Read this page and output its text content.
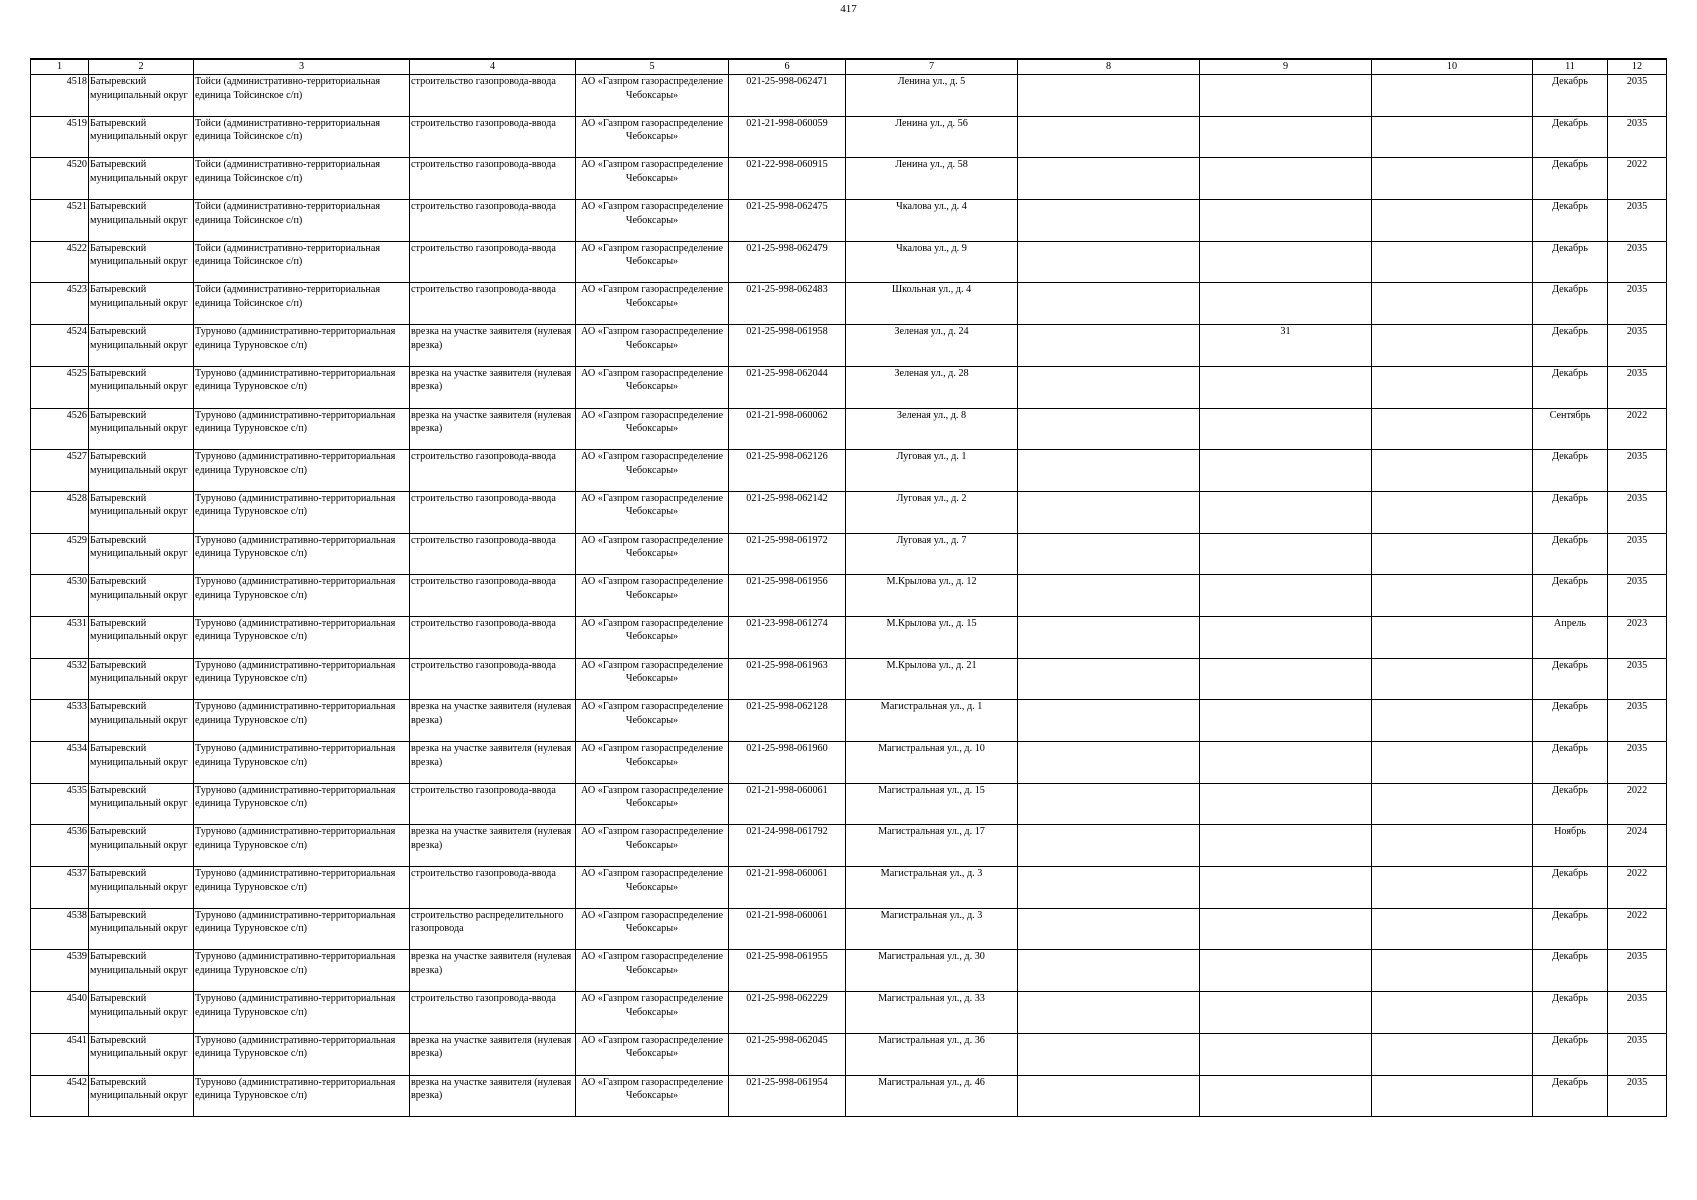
417
1	2	3	4	5	6	7	8	9	10	11	12

4518	Батыревский муниципальный округ	Тойси (административно-территориальная единица Тойсинское с/п)	строительство газопровода-ввода	АО «Газпром газораспределение Чебоксары»	021-25-998-062471	Ленина ул., д. 5				Декабрь	2035

4519	Батыревский муниципальный округ	Тойси (административно-территориальная единица Тойсинское с/п)	строительство газопровода-ввода	АО «Газпром газораспределение Чебоксары»	021-21-998-060059	Ленина ул., д. 56				Декабрь	2035

4520	Батыревский муниципальный округ	Тойси (административно-территориальная единица Тойсинское с/п)	строительство газопровода-ввода	АО «Газпром газораспределение Чебоксары»	021-22-998-060915	Ленина ул., д. 58				Декабрь	2022

4521	Батыревский муниципальный округ	Тойси (административно-территориальная единица Тойсинское с/п)	строительство газопровода-ввода	АО «Газпром газораспределение Чебоксары»	021-25-998-062475	Чкалова ул., д. 4				Декабрь	2035

4522	Батыревский муниципальный округ	Тойси (административно-территориальная единица Тойсинское с/п)	строительство газопровода-ввода	АО «Газпром газораспределение Чебоксары»	021-25-998-062479	Чкалова ул., д. 9				Декабрь	2035

4523	Батыревский муниципальный округ	Тойси (административно-территориальная единица Тойсинское с/п)	строительство газопровода-ввода	АО «Газпром газораспределение Чебоксары»	021-25-998-062483	Школьная ул., д. 4				Декабрь	2035

4524	Батыревский муниципальный округ	Туруново (административно-территориальная единица Туруновское с/п)	врезка на участке заявителя (нулевая врезка)	АО «Газпром газораспределение Чебоксары»	021-25-998-061958	Зеленая ул., д. 24		31		Декабрь	2035

4525	Батыревский муниципальный округ	Туруново (административно-территориальная единица Туруновское с/п)	врезка на участке заявителя (нулевая врезка)	АО «Газпром газораспределение Чебоксары»	021-25-998-062044	Зеленая ул., д. 28				Декабрь	2035

4526	Батыревский муниципальный округ	Туруново (административно-территориальная единица Туруновское с/п)	врезка на участке заявителя (нулевая врезка)	АО «Газпром газораспределение Чебоксары»	021-21-998-060062	Зеленая ул., д. 8				Сентябрь	2022

4527	Батыревский муниципальный округ	Туруново (административно-территориальная единица Туруновское с/п)	строительство газопровода-ввода	АО «Газпром газораспределение Чебоксары»	021-25-998-062126	Луговая ул., д. 1				Декабрь	2035

4528	Батыревский муниципальный округ	Туруново (административно-территориальная единица Туруновское с/п)	строительство газопровода-ввода	АО «Газпром газораспределение Чебоксары»	021-25-998-062142	Луговая ул., д. 2				Декабрь	2035

4529	Батыревский муниципальный округ	Туруново (административно-территориальная единица Туруновское с/п)	строительство газопровода-ввода	АО «Газпром газораспределение Чебоксары»	021-25-998-061972	Луговая ул., д. 7				Декабрь	2035

4530	Батыревский муниципальный округ	Туруново (административно-территориальная единица Туруновское с/п)	строительство газопровода-ввода	АО «Газпром газораспределение Чебоксары»	021-25-998-061956	М.Крылова ул., д. 12				Декабрь	2035

4531	Батыревский муниципальный округ	Туруново (административно-территориальная единица Туруновское с/п)	строительство газопровода-ввода	АО «Газпром газораспределение Чебоксары»	021-23-998-061274	М.Крылова ул., д. 15				Апрель	2023

4532	Батыревский муниципальный округ	Туруново (административно-территориальная единица Туруновское с/п)	строительство газопровода-ввода	АО «Газпром газораспределение Чебоксары»	021-25-998-061963	М.Крылова ул., д. 21				Декабрь	2035

4533	Батыревский муниципальный округ	Туруново (административно-территориальная единица Туруновское с/п)	врезка на участке заявителя (нулевая врезка)	АО «Газпром газораспределение Чебоксары»	021-25-998-062128	Магистральная ул., д. 1				Декабрь	2035

4534	Батыревский муниципальный округ	Туруново (административно-территориальная единица Туруновское с/п)	врезка на участке заявителя (нулевая врезка)	АО «Газпром газораспределение Чебоксары»	021-25-998-061960	Магистральная ул., д. 10				Декабрь	2035

4535	Батыревский муниципальный округ	Туруново (административно-территориальная единица Туруновское с/п)	строительство газопровода-ввода	АО «Газпром газораспределение Чебоксары»	021-21-998-060061	Магистральная ул., д. 15				Декабрь	2022

4536	Батыревский муниципальный округ	Туруново (административно-территориальная единица Туруновское с/п)	врезка на участке заявителя (нулевая врезка)	АО «Газпром газораспределение Чебоксары»	021-24-998-061792	Магистральная ул., д. 17				Ноябрь	2024

4537	Батыревский муниципальный округ	Туруново (административно-территориальная единица Туруновское с/п)	строительство газопровода-ввода	АО «Газпром газораспределение Чебоксары»	021-21-998-060061	Магистральная ул., д. 3				Декабрь	2022

4538	Батыревский муниципальный округ	Туруново (административно-территориальная единица Туруновское с/п)	строительство распределительного газопровода	АО «Газпром газораспределение Чебоксары»	021-21-998-060061	Магистральная ул., д. 3				Декабрь	2022

4539	Батыревский муниципальный округ	Туруново (административно-территориальная единица Туруновское с/п)	врезка на участке заявителя (нулевая врезка)	АО «Газпром газораспределение Чебоксары»	021-25-998-061955	Магистральная ул., д. 30				Декабрь	2035

4540	Батыревский муниципальный округ	Туруново (административно-территориальная единица Туруновское с/п)	строительство газопровода-ввода	АО «Газпром газораспределение Чебоксары»	021-25-998-062229	Магистральная ул., д. 33				Декабрь	2035

4541	Батыревский муниципальный округ	Туруново (административно-территориальная единица Туруновское с/п)	врезка на участке заявителя (нулевая врезка)	АО «Газпром газораспределение Чебоксары»	021-25-998-062045	Магистральная ул., д. 36				Декабрь	2035

4542	Батыревский муниципальный округ	Туруново (административно-территориальная единица Туруновское с/п)	врезка на участке заявителя (нулевая врезка)	АО «Газпром газораспределение Чебоксары»	021-25-998-061954	Магистральная ул., д. 46				Декабрь	2035
